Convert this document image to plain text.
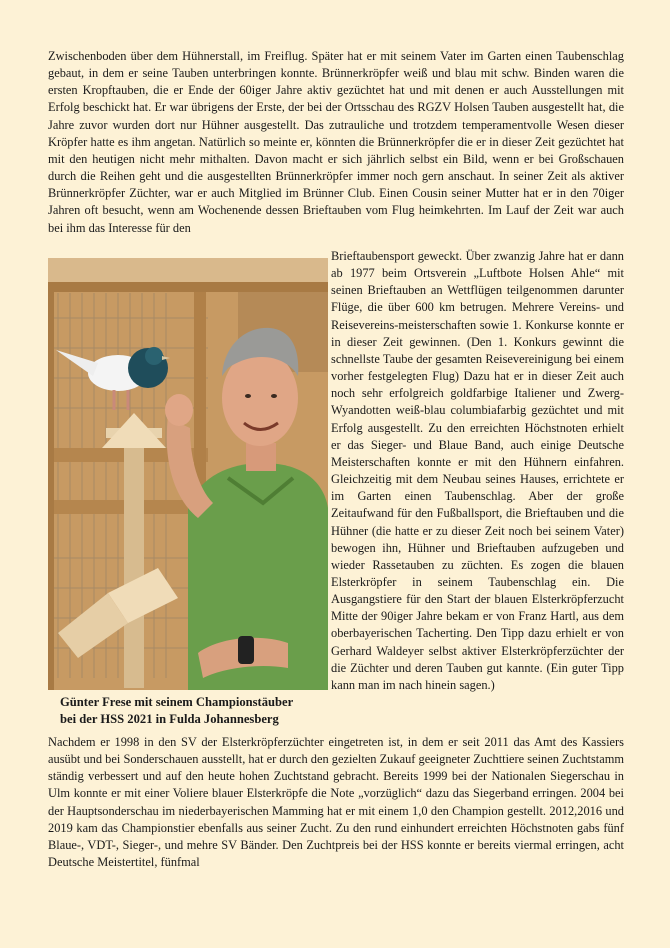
Zwischenboden über dem Hühnerstall, im Freiflug. Später hat er mit seinem Vater im Garten einen Taubenschlag gebaut, in dem er seine Tauben unterbringen konnte. Brünnerkröpfer weiß und blau mit schw. Binden waren die ersten Kropftauben, die er Ende der 60iger Jahre aktiv gezüchtet hat und mit denen er auch Ausstellungen mit Erfolg beschickt hat. Er war übrigens der Erste, der bei der Ortsschau des RGZV Holsen Tauben ausgestellt hat, die Jahre zuvor wurden dort nur Hühner ausgestellt. Das zutrauliche und trotzdem temperamentvolle Wesen dieser Kröpfer hatte es ihm angetan. Natürlich so meinte er, könnten die Brünnerkröpfer die er in dieser Zeit gezüchtet hat mit den heutigen nicht mehr mithalten. Davon macht er sich jährlich selbst ein Bild, wenn er bei Großschauen durch die Reihen geht und die ausgestellten Brünnerkröpfer immer noch gern anschaut. In seiner Zeit als aktiver Brünnerkröpfer Züchter, war er auch Mitglied im Brünner Club. Einen Cousin seiner Mutter hat er in den 70iger Jahren oft besucht, wenn am Wochenende dessen Brieftauben vom Flug heimkehrten. Im Lauf der Zeit war auch bei ihm das Interesse für den

Günter Frese mit seinem Championstäuber
bei der HSS 2021 in Fulda Johannesberg

Brieftaubensport geweckt. Über zwanzig Jahre hat er dann ab 1977 beim Ortsverein „Luftbote Holsen Ahle“ mit seinen Brieftauben an Wettflügen teilgenommen darunter Flüge, die über 600 km betrugen. Mehrere Vereins- und Reisevereins-meisterschaften sowie 1. Konkurse konnte er in dieser Zeit gewinnen. (Den 1. Konkurs gewinnt die schnellste Taube der gesamten Reisevereinigung bei einem vorher festgelegten Flug) Dazu hat er in dieser Zeit auch noch sehr erfolgreich goldfarbige Italiener und Zwerg-Wyandotten weiß-blau columbiafarbig gezüchtet und mit Erfolg ausgestellt. Zu den erreichten Höchstnoten erhielt er das Sieger- und Blaue Band, auch einige Deutsche Meisterschaften konnte er mit den Hühnern einfahren. Gleichzeitig mit dem Neubau seines Hauses, errichtete er im Garten einen Taubenschlag. Aber der große Zeitaufwand für den Fußballsport, die Brieftauben und die Hühner (die hatte er zu dieser Zeit noch bei seinem Vater) bewogen ihn, Hühner und Brieftauben aufzugeben und wieder Rassetauben zu züchten. Es zogen die blauen Elsterkröpfer in seinem Taubenschlag ein. Die Ausgangstiere für den Start der blauen Elsterkröpferzucht Mitte der 90iger Jahre bekam er von Franz Hartl, aus dem oberbayerischen Tacherting. Den Tipp dazu erhielt er von Gerhard Waldeyer selbst aktiver Elsterkröpferzüchter der die Züchter und deren Tauben gut kannte. (Ein guter Tipp kann man im nach hinein sagen.)

Nachdem er 1998 in den SV der Elsterkröpferzüchter eingetreten ist, in dem er seit 2011 das Amt des Kassiers ausübt und bei Sonderschauen ausstellt, hat er durch den gezielten Zukauf geeigneter Zuchttiere seinen Zuchtstamm ständig verbessert und auf den heute hohen Zuchtstand gebracht. Bereits 1999 bei der Nationalen Siegerschau in Ulm konnte er mit einer Voliere blauer Elsterkröpfe die Note „vorzüglich“ dazu das Siegerband erringen. 2004 bei der Hauptsonderschau im niederbayerischen Mamming hat er mit einem 1,0 den Champion gestellt. 2012,2016 und 2019 kam das Championstier ebenfalls aus seiner Zucht. Zu den rund einhundert erreichten Höchstnoten gabs fünf Blaue-, VDT-, Sieger-, und mehre SV Bänder. Den Zuchtpreis bei der HSS konnte er bereits viermal erringen, acht Deutsche Meistertitel, fünfmal
